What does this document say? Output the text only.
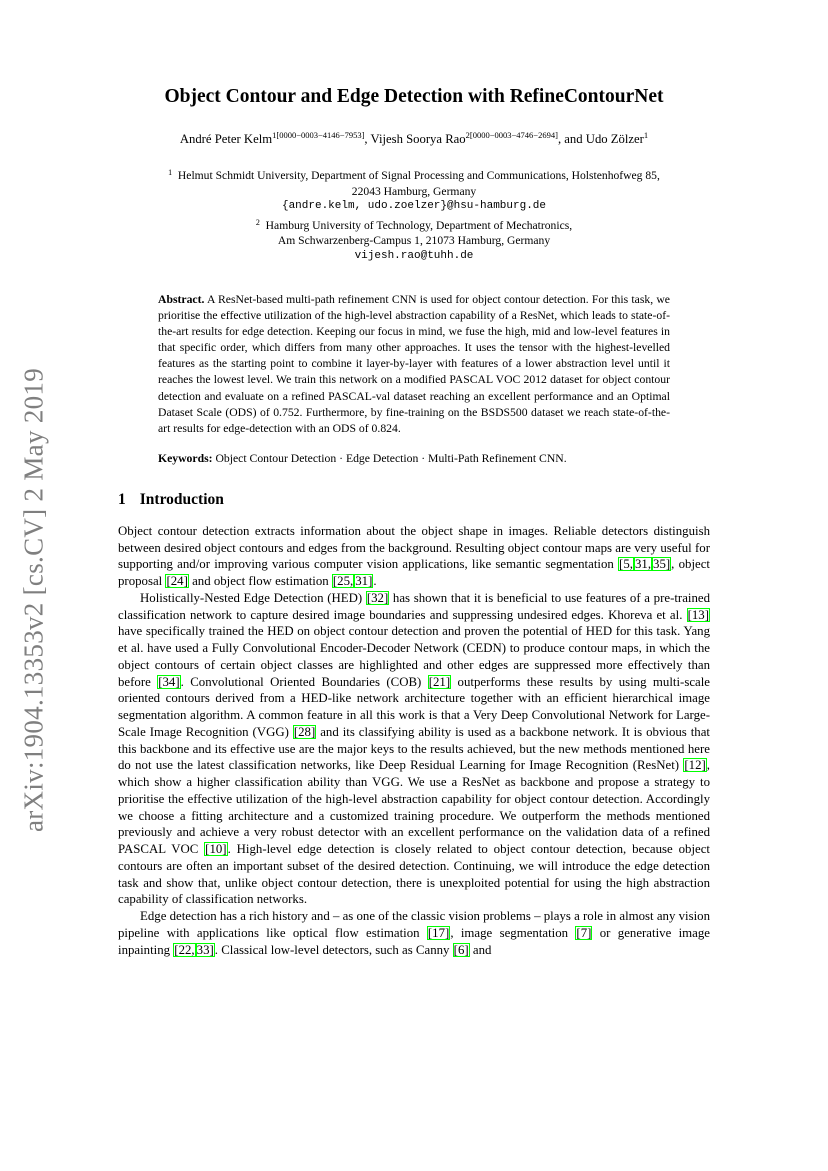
arXiv:1904.13353v2 [cs.CV] 2 May 2019
Object Contour and Edge Detection with RefineContourNet
André Peter Kelm$^{1[0000-0003-4146-7953]}$, Vijesh Soorya Rao$^{2[0000-0003-4746-2694]}$, and Udo Zölzer$^1$
$^1$ Helmut Schmidt University, Department of Signal Processing and Communications, Holstenhofweg 85,
22043 Hamburg, Germany
{andre.kelm, udo.zoelzer}@hsu-hamburg.de
$^2$ Hamburg University of Technology, Department of Mechatronics,
Am Schwarzenberg-Campus 1, 21073 Hamburg, Germany
vijesh.rao@tuhh.de
Abstract. A ResNet-based multi-path refinement CNN is used for object contour detection. For this task, we prioritise the effective utilization of the high-level abstraction capability of a ResNet, which leads to state-of-the-art results for edge detection. Keeping our focus in mind, we fuse the high, mid and low-level features in that specific order, which differs from many other approaches. It uses the tensor with the highest-levelled features as the starting point to combine it layer-by-layer with features of a lower abstraction level until it reaches the lowest level. We train this network on a modified PASCAL VOC 2012 dataset for object contour detection and evaluate on a refined PASCAL-val dataset reaching an excellent performance and an Optimal Dataset Scale (ODS) of 0.752. Furthermore, by fine-training on the BSDS500 dataset we reach state-of-the-art results for edge-detection with an ODS of 0.824.
Keywords: Object Contour Detection · Edge Detection · Multi-Path Refinement CNN.
1 Introduction

Object contour detection extracts information about the object shape in images. Reliable detectors distinguish between desired object contours and edges from the background. Resulting object contour maps are very useful for supporting and/or improving various computer vision applications, like semantic segmentation [5, 31, 35], object proposal [24] and object flow estimation [25, 31].

Holistically-Nested Edge Detection (HED) [32] has shown that it is beneficial to use features of a pre-trained classification network to capture desired image boundaries and suppressing undesired edges. Khoreva et al. [13] have specifically trained the HED on object contour detection and proven the potential of HED for this task. Yang et al. have used a Fully Convolutional Encoder-Decoder Network (CEDN) to produce contour maps, in which the object contours of certain object classes are highlighted and other edges are suppressed more effectively than before [34]. Convolutional Oriented Boundaries (COB) [21] outperforms these results by using multi-scale oriented contours derived from a HED-like network architecture together with an efficient hierarchical image segmentation algorithm. A common feature in all this work is that a Very Deep Convolutional Network for Large-Scale Image Recognition (VGG) [28] and its classifying ability is used as a backbone network. It is obvious that this backbone and its effective use are the major keys to the results achieved, but the new methods mentioned here do not use the latest classification networks, like Deep Residual Learning for Image Recognition (ResNet) [12], which show a higher classification ability than VGG. We use a ResNet as backbone and propose a strategy to prioritise the effective utilization of the high-level abstraction capability for object contour detection. Accordingly we choose a fitting architecture and a customized training procedure. We outperform the methods mentioned previously and achieve a very robust detector with an excellent performance on the validation data of a refined PASCAL VOC [10]. High-level edge detection is closely related to object contour detection, because object contours are often an important subset of the desired detection. Continuing, we will introduce the edge detection task and show that, unlike object contour detection, there is unexploited potential for using the high abstraction capability of classification networks.

Edge detection has a rich history and – as one of the classic vision problems – plays a role in almost any vision pipeline with applications like optical flow estimation [17], image segmentation [7] or generative image inpainting [22, 33]. Classical low-level detectors, such as Canny [6] and
